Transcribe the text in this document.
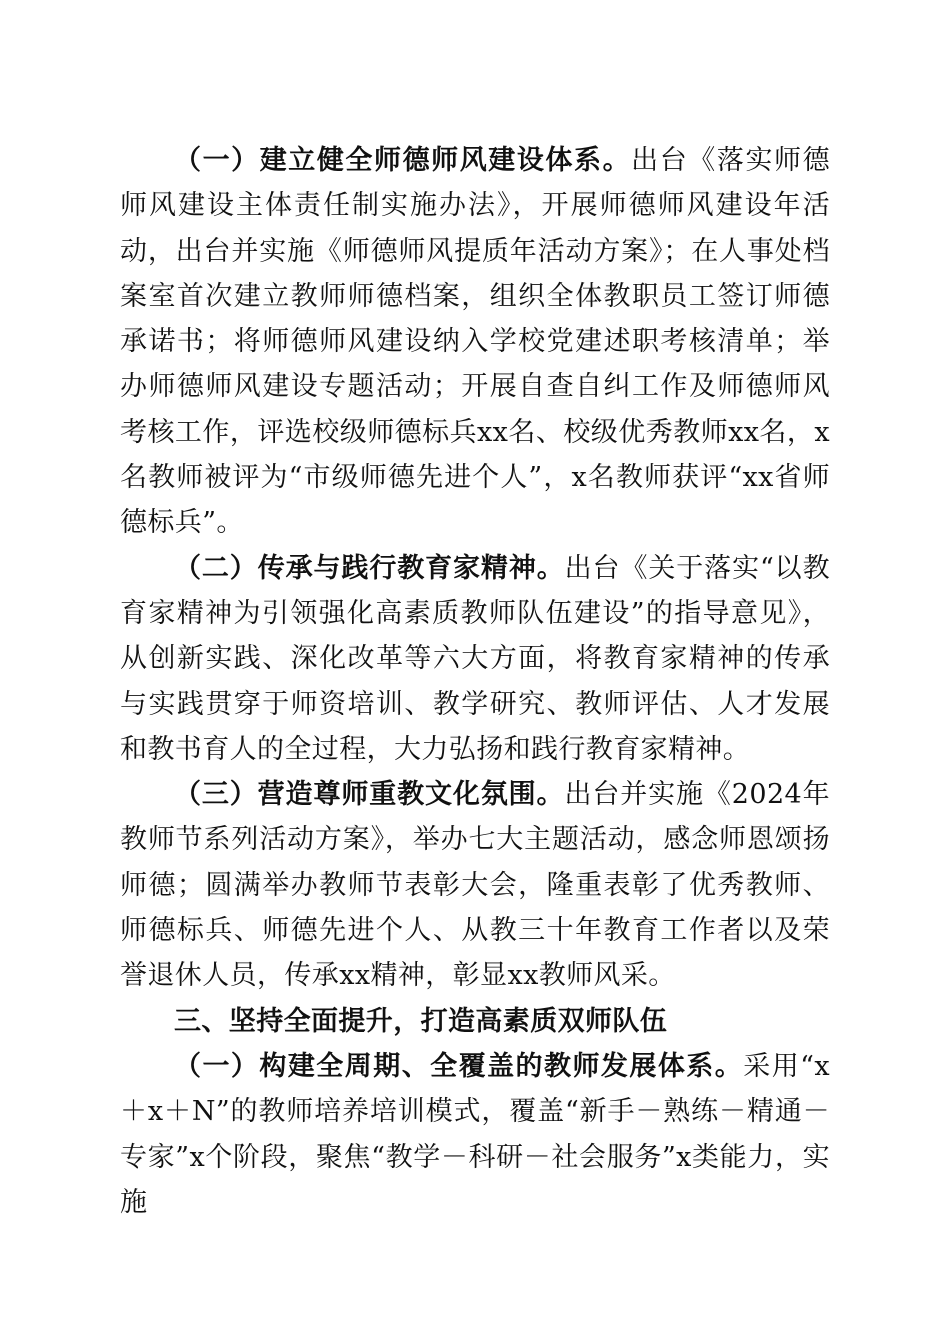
（一）建立健全师德师风建设体系。出台《落实师德师风建设主体责任制实施办法》，开展师德师风建设年活动，出台并实施《师德师风提质年活动方案》；在人事处档案室首次建立教师师德档案，组织全体教职员工签订师德承诺书；将师德师风建设纳入学校党建述职考核清单；举办师德师风建设专题活动；开展自查自纠工作及师德师风考核工作，评选校级师德标兵xx名、校级优秀教师xx名，x名教师被评为“市级师德先进个人”，x名教师获评“xx省师德标兵”。

（二）传承与践行教育家精神。出台《关于落实“以教育家精神为引领强化高素质教师队伍建设”的指导意见》，从创新实践、深化改革等六大方面，将教育家精神的传承与实践贯穿于师资培训、教学研究、教师评估、人才发展和教书育人的全过程，大力弘扬和践行教育家精神。

（三）营造尊师重教文化氛围。出台并实施《2024年教师节系列活动方案》，举办七大主题活动，感念师恩颂扬师德；圆满举办教师节表彰大会，隆重表彰了优秀教师、师德标兵、师德先进个人、从教三十年教育工作者以及荣誉退休人员，传承xx精神，彰显xx教师风采。

三、坚持全面提升，打造高素质双师队伍

（一）构建全周期、全覆盖的教师发展体系。采用“x＋x＋N”的教师培养培训模式，覆盖“新手－熟练－精通－专家”x个阶段，聚焦“教学－科研－社会服务”x类能力，实施
